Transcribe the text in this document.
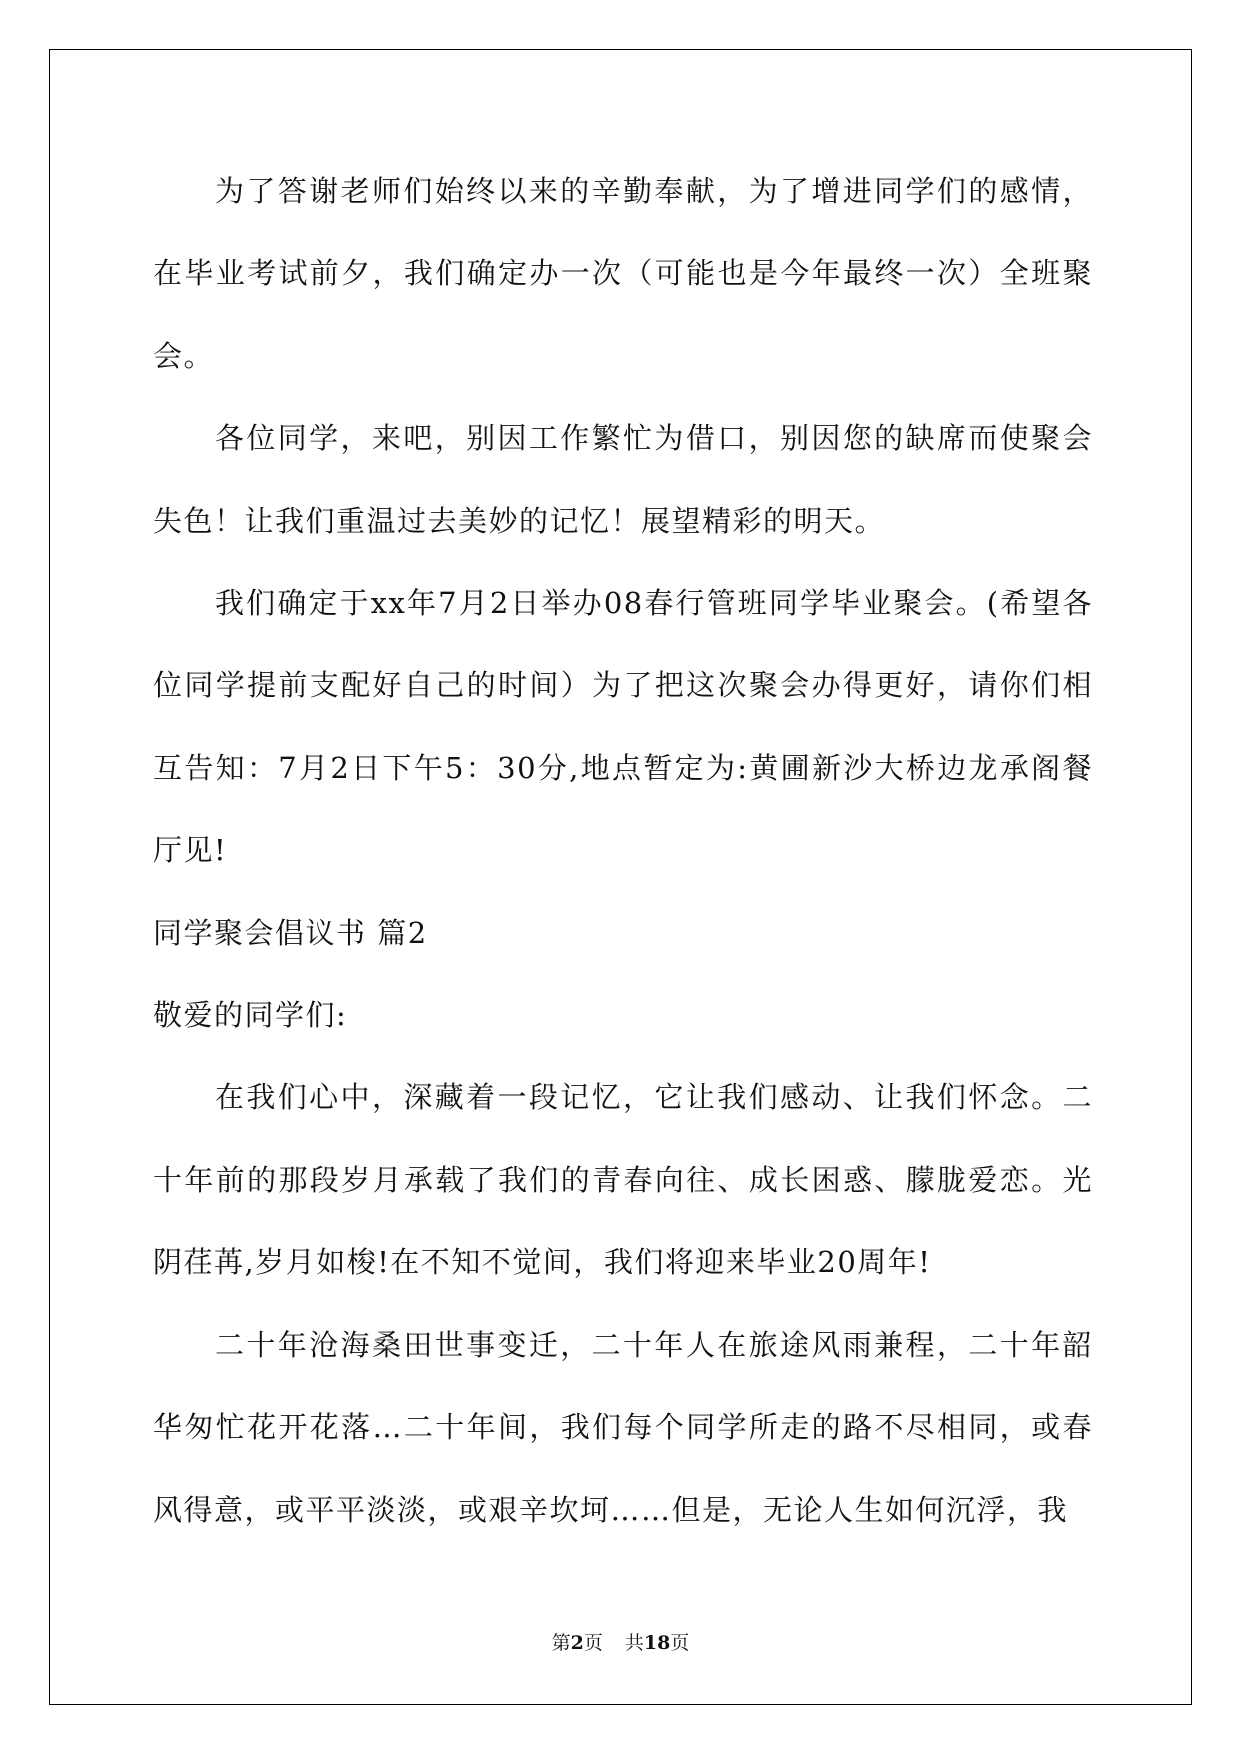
为了答谢老师们始终以来的辛勤奉献，为了增进同学们的感情，在毕业考试前夕，我们确定办一次（可能也是今年最终一次）全班聚会。

各位同学，来吧，别因工作繁忙为借口，别因您的缺席而使聚会失色！让我们重温过去美妙的记忆！展望精彩的明天。

我们确定于xx年7月2日举办08春行管班同学毕业聚会。(希望各位同学提前支配好自己的时间）为了把这次聚会办得更好，请你们相互告知：7月2日下午5：30分,地点暂定为:黄圃新沙大桥边龙承阁餐厅见!

同学聚会倡议书 篇2

敬爱的同学们:

在我们心中，深藏着一段记忆，它让我们感动、让我们怀念。二十年前的那段岁月承载了我们的青春向往、成长困惑、朦胧爱恋。光阴荏苒,岁月如梭!在不知不觉间，我们将迎来毕业20周年!

二十年沧海桑田世事变迁，二十年人在旅途风雨兼程，二十年韶华匆忙花开花落…二十年间，我们每个同学所走的路不尽相同，或春风得意，或平平淡淡，或艰辛坎坷……但是，无论人生如何沉浮，我

第2页 共18页
